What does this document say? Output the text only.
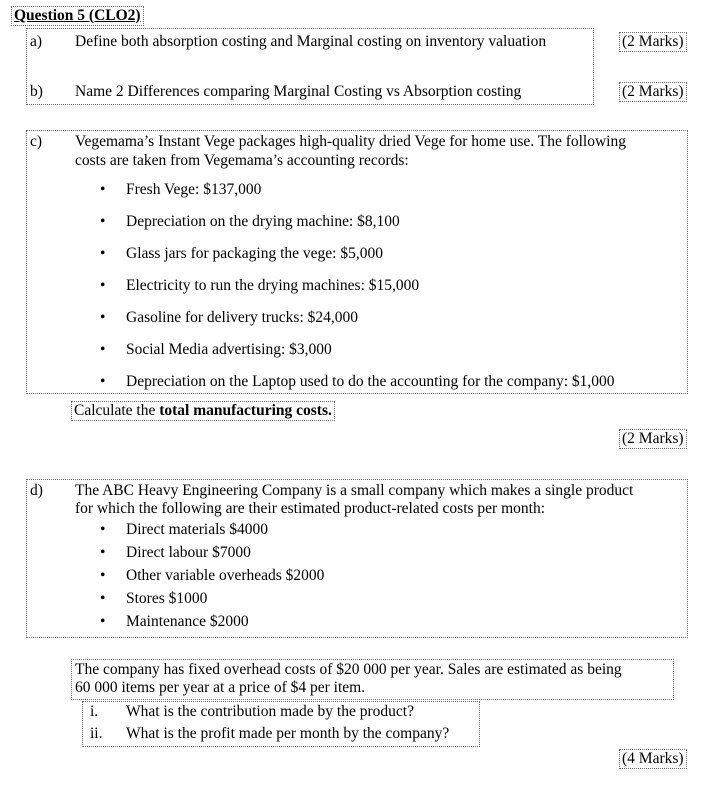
Question 5 (CLO2)
a)	Define both absorption costing and Marginal costing on inventory valuation	(2 Marks)
b)	Name 2 Differences comparing Marginal Costing vs Absorption costing	(2 Marks)
c)	Vegemama’s Instant Vege packages high-quality dried Vege for home use. The following
costs are taken from Vegemama’s accounting records:
• Fresh Vege: $137,000
• Depreciation on the drying machine: $8,100
• Glass jars for packaging the vege: $5,000
• Electricity to run the drying machines: $15,000
• Gasoline for delivery trucks: $24,000
• Social Media advertising: $3,000
• Depreciation on the Laptop used to do the accounting for the company: $1,000
Calculate the total manufacturing costs.
(2 Marks)
d)	The ABC Heavy Engineering Company is a small company which makes a single product
for which the following are their estimated product-related costs per month:
• Direct materials $4000
• Direct labour $7000
• Other variable overheads $2000
• Stores $1000
• Maintenance $2000
The company has fixed overhead costs of $20 000 per year. Sales are estimated as being
60 000 items per year at a price of $4 per item.
i. What is the contribution made by the product?
ii. What is the profit made per month by the company?
(4 Marks)
